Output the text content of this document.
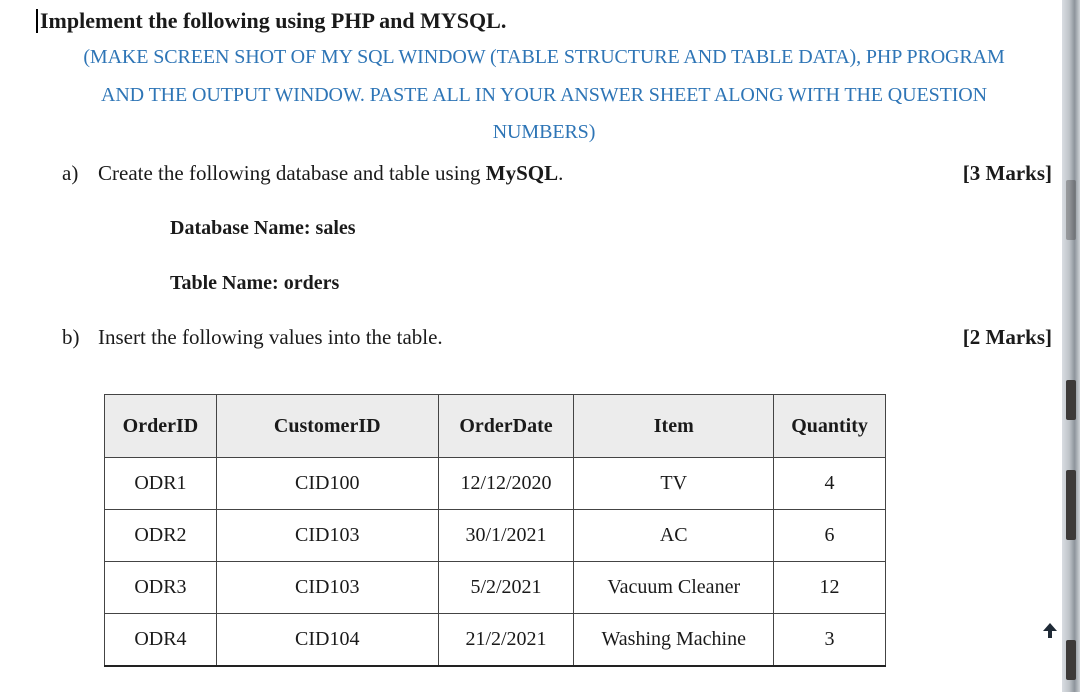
Implement the following using PHP and MYSQL.

(MAKE SCREEN SHOT OF MY SQL WINDOW (TABLE STRUCTURE AND TABLE DATA), PHP PROGRAM

AND THE OUTPUT WINDOW. PASTE ALL IN YOUR ANSWER SHEET ALONG WITH THE QUESTION

NUMBERS)

a) Create the following database and table using MySQL.	[3 Marks]
Database Name: sales
Table Name: orders
b) Insert the following values into the table.	[2 Marks]
OrderID	CustomerID	OrderDate	Item	Quantity
ODR1	CID100	12/12/2020	TV	4
ODR2	CID103	30/1/2021	AC	6
ODR3	CID103	5/2/2021	Vacuum Cleaner	12
ODR4	CID104	21/2/2021	Washing Machine	3
